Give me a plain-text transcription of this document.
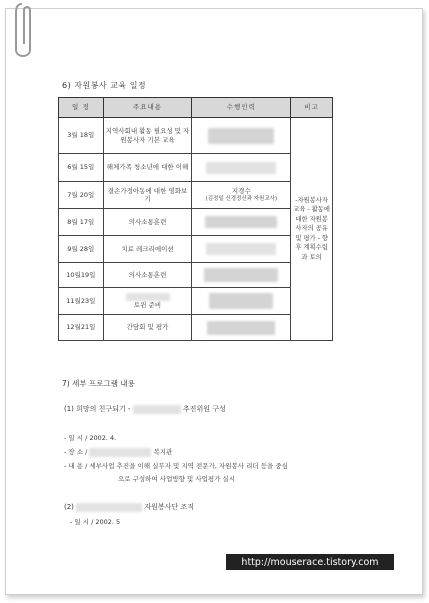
6) 자원봉사 교육 일정
일 정	주요내용	수행인력	비고
3월 18일	지역사회내 활동 필요성 및 자원봉사자 기본 교육		-자원봉사자 교육 - 활동에 대한 자원봉사자의 공유 및 평가 - 향후 계획수립과 토의
6월 15일	해체가족 청소년에 대한 이해		
7월 20일	결손가정아동에 대한 영화보기	지경수
(김정일 신경정신과 자원교사)	

8월 17일	의사소통훈련		
9월 28일	치료 레크리에이션		
10월19일	의사소통훈련		
11월23일	토윈 준비		

12월21일	간담회 및 평가		
7) 세부 프로그램 내용
(1) 희망의 친구되기 -	추진위원 구성
- 일 시 / 2002. 4.
- 장 소 /	복지관
- 내 용 / 세부사업 추진을 이해 실무자 및 지역 전문가, 자원봉사 리더 등을 중심
으로 구성하여 사업방향 및 사업평가 실시
(2)	자원봉사단 조직
- 일 시 / 2002. 5
http://mouserace.tistory.com
